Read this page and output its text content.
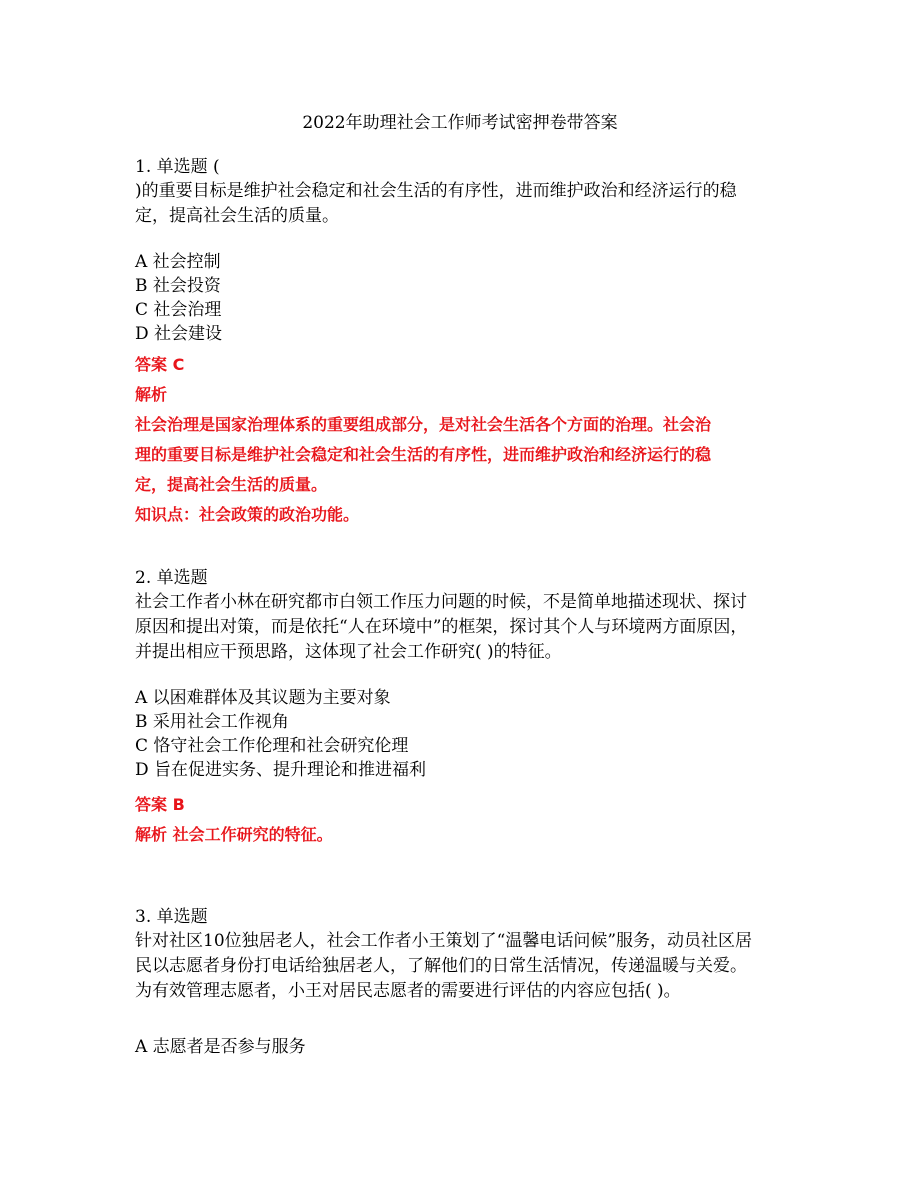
2022年助理社会工作师考试密押卷带答案
1. 单选题 (
)的重要目标是维护社会稳定和社会生活的有序性，进而维护政治和经济运行的稳
定，提高社会生活的质量。
A 社会控制
B 社会投资
C 社会治理
D 社会建设
答案 C
解析
社会治理是国家治理体系的重要组成部分，是对社会生活各个方面的治理。社会治
理的重要目标是维护社会稳定和社会生活的有序性，进而维护政治和经济运行的稳
定，提高社会生活的质量。
知识点：社会政策的政治功能。
2. 单选题
社会工作者小林在研究都市白领工作压力问题的时候，不是简单地描述现状、探讨
原因和提出对策，而是依托“人在环境中”的框架，探讨其个人与环境两方面原因，
并提出相应干预思路，这体现了社会工作研究( )的特征。
A 以困难群体及其议题为主要对象
B 采用社会工作视角
C 恪守社会工作伦理和社会研究伦理
D 旨在促进实务、提升理论和推进福利
答案 B
解析 社会工作研究的特征。
3. 单选题
针对社区10位独居老人，社会工作者小王策划了“温馨电话问候”服务，动员社区居
民以志愿者身份打电话给独居老人，了解他们的日常生活情况，传递温暖与关爱。
为有效管理志愿者，小王对居民志愿者的需要进行评估的内容应包括( )。
A 志愿者是否参与服务
